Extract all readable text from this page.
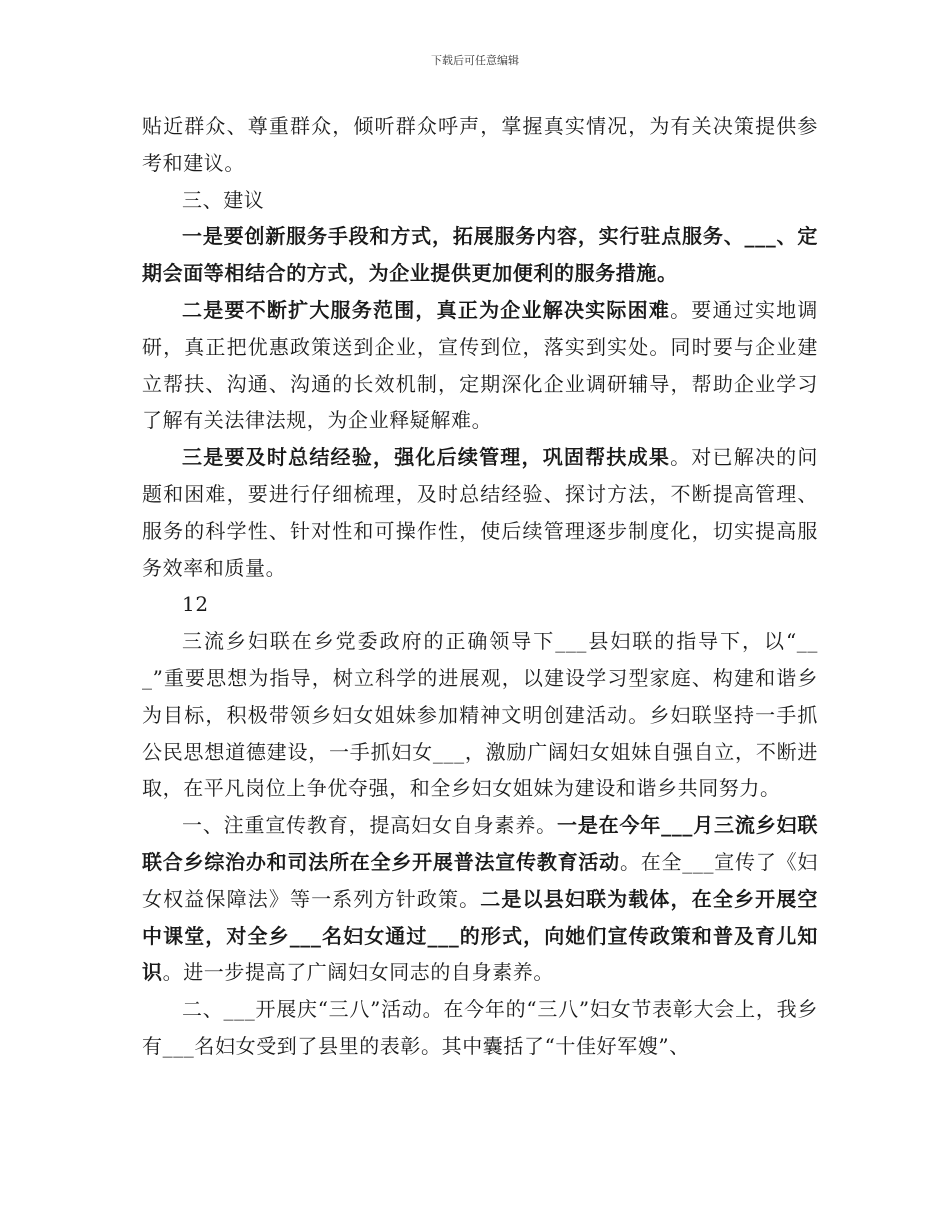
下载后可任意编辑

贴近群众、尊重群众，倾听群众呼声，掌握真实情况，为有关决策提供参考和建议。

三、建议

一是要创新服务手段和方式，拓展服务内容，实行驻点服务、___、定期会面等相结合的方式，为企业提供更加便利的服务措施。

二是要不断扩大服务范围，真正为企业解决实际困难。要通过实地调研，真正把优惠政策送到企业，宣传到位，落实到实处。同时要与企业建立帮扶、沟通、沟通的长效机制，定期深化企业调研辅导，帮助企业学习了解有关法律法规，为企业释疑解难。

三是要及时总结经验，强化后续管理，巩固帮扶成果。对已解决的问题和困难，要进行仔细梳理，及时总结经验、探讨方法，不断提高管理、服务的科学性、针对性和可操作性，使后续管理逐步制度化，切实提高服务效率和质量。

12

三流乡妇联在乡党委政府的正确领导下___县妇联的指导下，以“___”重要思想为指导，树立科学的进展观，以建设学习型家庭、构建和谐乡为目标，积极带领乡妇女姐妹参加精神文明创建活动。乡妇联坚持一手抓公民思想道德建设，一手抓妇女___，激励广阔妇女姐妹自强自立，不断进取，在平凡岗位上争优夺强，和全乡妇女姐妹为建设和谐乡共同努力。

一、注重宣传教育，提高妇女自身素养。一是在今年___月三流乡妇联联合乡综治办和司法所在全乡开展普法宣传教育活动。在全___宣传了《妇女权益保障法》等一系列方针政策。二是以县妇联为载体，在全乡开展空中课堂，对全乡___名妇女通过___的形式，向她们宣传政策和普及育儿知识。进一步提高了广阔妇女同志的自身素养。

二、___开展庆“三八”活动。在今年的“三八”妇女节表彰大会上，我乡有___名妇女受到了县里的表彰。其中囊括了“十佳好军嫂”、
